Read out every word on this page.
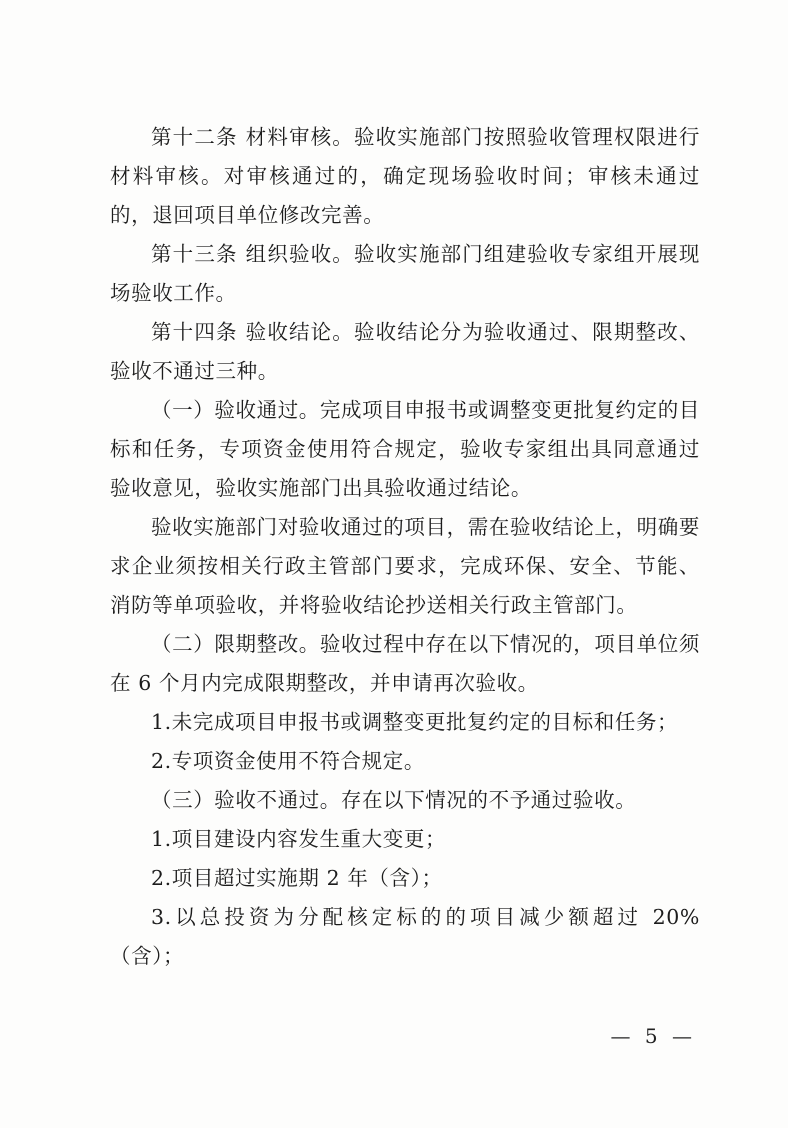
第十二条 材料审核。验收实施部门按照验收管理权限进行材料审核。对审核通过的，确定现场验收时间；审核未通过的，退回项目单位修改完善。

第十三条 组织验收。验收实施部门组建验收专家组开展现场验收工作。

第十四条 验收结论。验收结论分为验收通过、限期整改、验收不通过三种。

（一）验收通过。完成项目申报书或调整变更批复约定的目标和任务，专项资金使用符合规定，验收专家组出具同意通过验收意见，验收实施部门出具验收通过结论。

验收实施部门对验收通过的项目，需在验收结论上，明确要求企业须按相关行政主管部门要求，完成环保、安全、节能、消防等单项验收，并将验收结论抄送相关行政主管部门。

（二）限期整改。验收过程中存在以下情况的，项目单位须在 6 个月内完成限期整改，并申请再次验收。

1.未完成项目申报书或调整变更批复约定的目标和任务；

2.专项资金使用不符合规定。

（三）验收不通过。存在以下情况的不予通过验收。

1.项目建设内容发生重大变更；

2.项目超过实施期 2 年（含）；

3.以总投资为分配核定标的的项目减少额超过 20%（含）；

— 5 —
